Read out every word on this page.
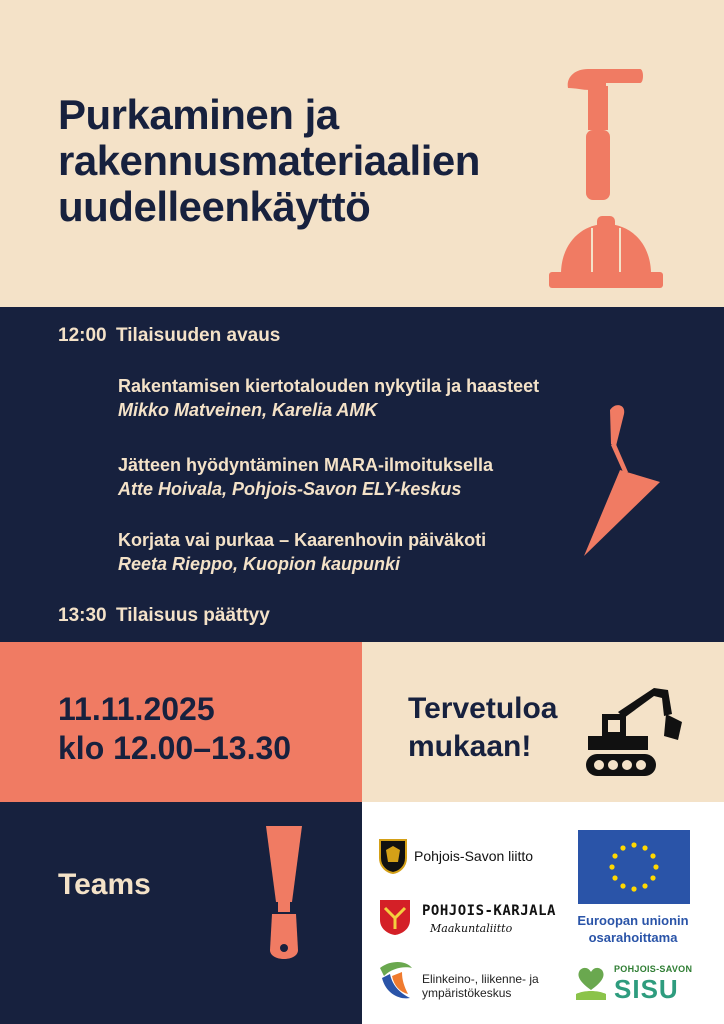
Purkaminen ja
rakennusmateriaalien
uudelleenkäyttö
12:00 Tilaisuuden avaus
Rakentamisen kiertotalouden nykytila ja haasteet
Mikko Matveinen, Karelia AMK
Jätteen hyödyntäminen MARA-ilmoituksella
Atte Hoivala, Pohjois-Savon ELY-keskus
Korjata vai purkaa – Kaarenhovin päiväkoti
Reeta Rieppo, Kuopion kaupunki
13:30 Tilaisuus päättyy
11.11.2025
klo 12.00–13.30
Tervetuloa
mukaan!
Teams
Pohjois-Savon liitto
POHJOIS-KARJALA
Maakuntaliitto
Elinkeino-, liikenne- ja
ympäristökeskus
Euroopan unionin
osarahoittama
POHJOIS-SAVON
SISU
